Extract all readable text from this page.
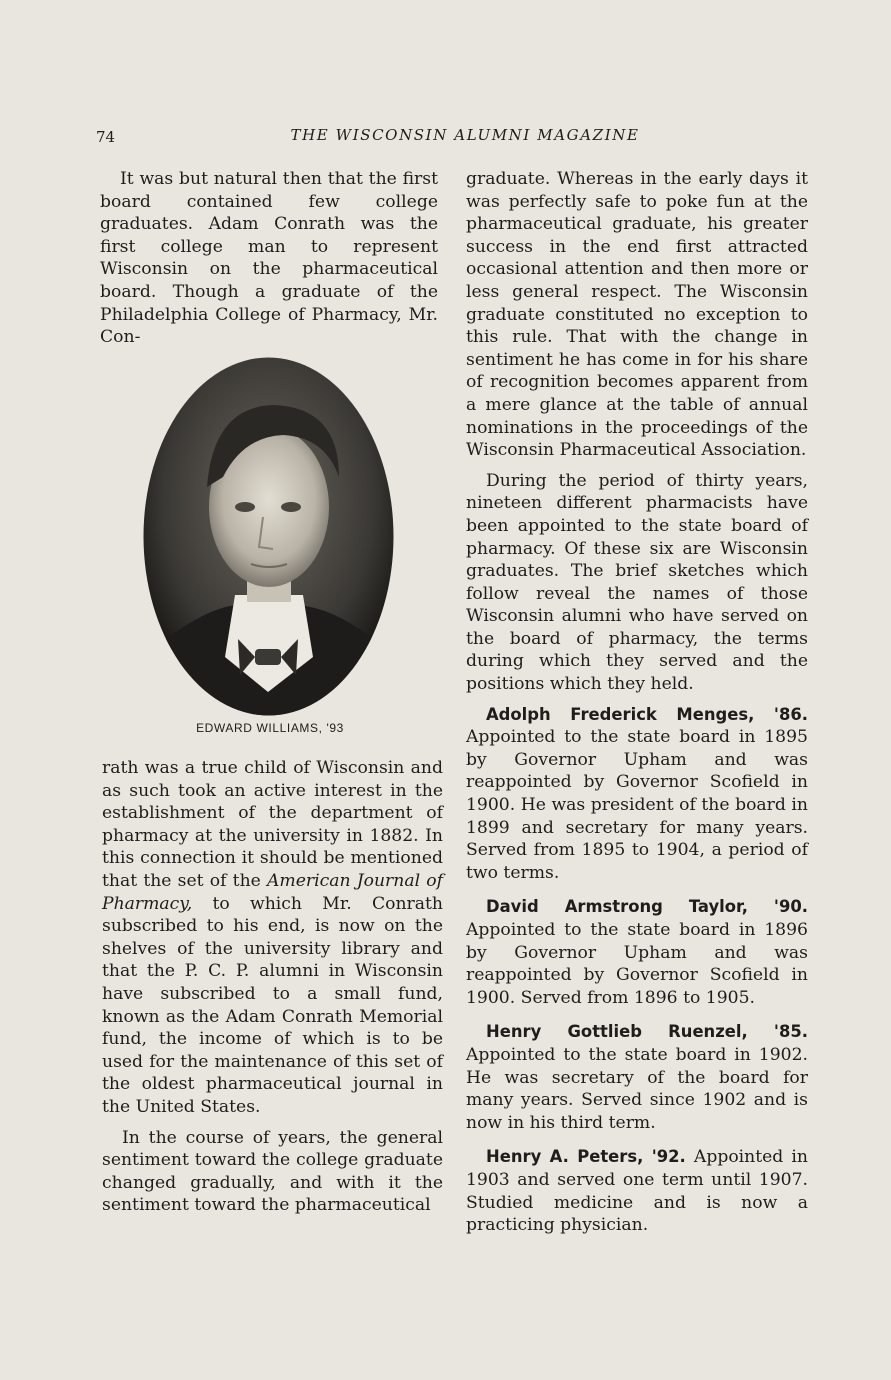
74	THE WISCONSIN ALUMNI MAGAZINE

It was but natural then that the first board contained few college graduates. Adam Conrath was the first college man to represent Wisconsin on the pharmaceutical board. Though a graduate of the Philadelphia College of Pharmacy, Mr. Con-

EDWARD WILLIAMS, '93

rath was a true child of Wisconsin and as such took an active interest in the establishment of the department of pharmacy at the university in 1882. In this connection it should be mentioned that the set of the American Journal of Pharmacy, to which Mr. Conrath subscribed to his end, is now on the shelves of the university library and that the P. C. P. alumni in Wisconsin have subscribed to a small fund, known as the Adam Conrath Memorial fund, the income of which is to be used for the maintenance of this set of the oldest pharmaceutical journal in the United States.

In the course of years, the general sentiment toward the college graduate changed gradually, and with it the sentiment toward the pharmaceutical

graduate. Whereas in the early days it was perfectly safe to poke fun at the pharmaceutical graduate, his greater success in the end first attracted occasional attention and then more or less general respect. The Wisconsin graduate constituted no exception to this rule. That with the change in sentiment he has come in for his share of recognition becomes apparent from a mere glance at the table of annual nominations in the proceedings of the Wisconsin Pharmaceutical Association.

During the period of thirty years, nineteen different pharmacists have been appointed to the state board of pharmacy. Of these six are Wisconsin graduates. The brief sketches which follow reveal the names of those Wisconsin alumni who have served on the board of pharmacy, the terms during which they served and the positions which they held.

Adolph Frederick Menges, '86. Appointed to the state board in 1895 by Governor Upham and was reappointed by Governor Scofield in 1900. He was president of the board in 1899 and secretary for many years. Served from 1895 to 1904, a period of two terms.

David Armstrong Taylor, '90. Appointed to the state board in 1896 by Governor Upham and was reappointed by Governor Scofield in 1900. Served from 1896 to 1905.

Henry Gottlieb Ruenzel, '85. Appointed to the state board in 1902. He was secretary of the board for many years. Served since 1902 and is now in his third term.

Henry A. Peters, '92. Appointed in 1903 and served one term until 1907. Studied medicine and is now a practicing physician.
